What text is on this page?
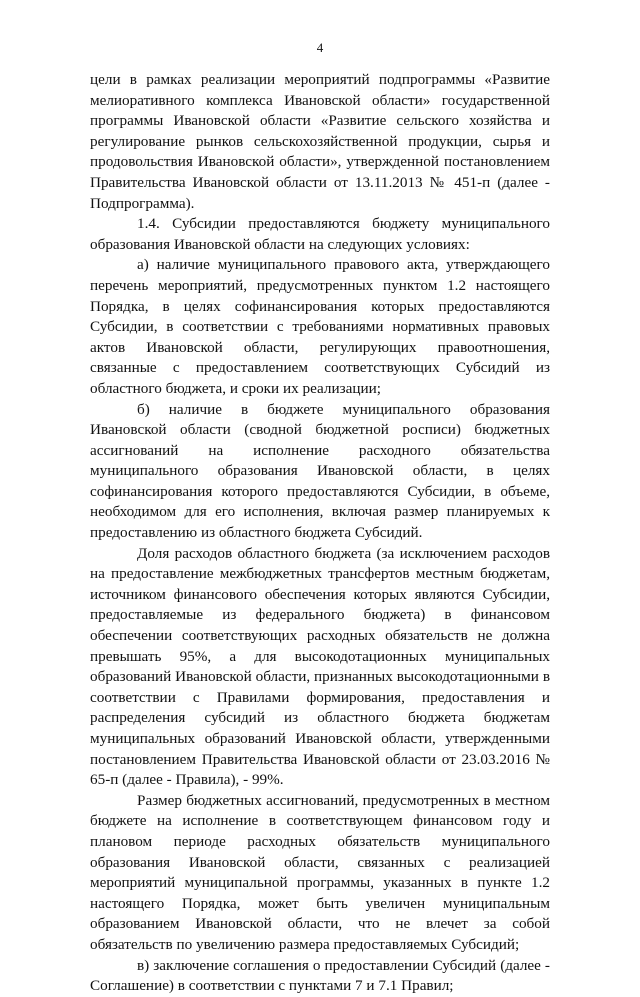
4

цели в рамках реализации мероприятий подпрограммы «Развитие мелиоративного комплекса Ивановской области» государственной программы Ивановской области «Развитие сельского хозяйства и регулирование рынков сельскохозяйственной продукции, сырья и продовольствия Ивановской области», утвержденной постановлением Правительства Ивановской области от 13.11.2013 № 451-п (далее - Подпрограмма).

1.4. Субсидии предоставляются бюджету муниципального образования Ивановской области на следующих условиях:

а) наличие муниципального правового акта, утверждающего перечень мероприятий, предусмотренных пунктом 1.2 настоящего Порядка, в целях софинансирования которых предоставляются Субсидии, в соответствии с требованиями нормативных правовых актов Ивановской области, регулирующих правоотношения, связанные с предоставлением соответствующих Субсидий из областного бюджета, и сроки их реализации;

б) наличие в бюджете муниципального образования Ивановской области (сводной бюджетной росписи) бюджетных ассигнований на исполнение расходного обязательства муниципального образования Ивановской области, в целях софинансирования которого предоставляются Субсидии, в объеме, необходимом для его исполнения, включая размер планируемых к предоставлению из областного бюджета Субсидий.

Доля расходов областного бюджета (за исключением расходов на предоставление межбюджетных трансфертов местным бюджетам, источником финансового обеспечения которых являются Субсидии, предоставляемые из федерального бюджета) в финансовом обеспечении соответствующих расходных обязательств не должна превышать 95%, а для высокодотационных муниципальных образований Ивановской области, признанных высокодотационными в соответствии с Правилами формирования, предоставления и распределения субсидий из областного бюджета бюджетам муниципальных образований Ивановской области, утвержденными постановлением Правительства Ивановской области от 23.03.2016 № 65-п (далее - Правила), - 99%.

Размер бюджетных ассигнований, предусмотренных в местном бюджете на исполнение в соответствующем финансовом году и плановом периоде расходных обязательств муниципального образования Ивановской области, связанных с реализацией мероприятий муниципальной программы, указанных в пункте 1.2 настоящего Порядка, может быть увеличен муниципальным образованием Ивановской области, что не влечет за собой обязательств по увеличению размера предоставляемых Субсидий;

в) заключение соглашения о предоставлении Субсидий (далее - Соглашение) в соответствии с пунктами 7 и 7.1 Правил;
